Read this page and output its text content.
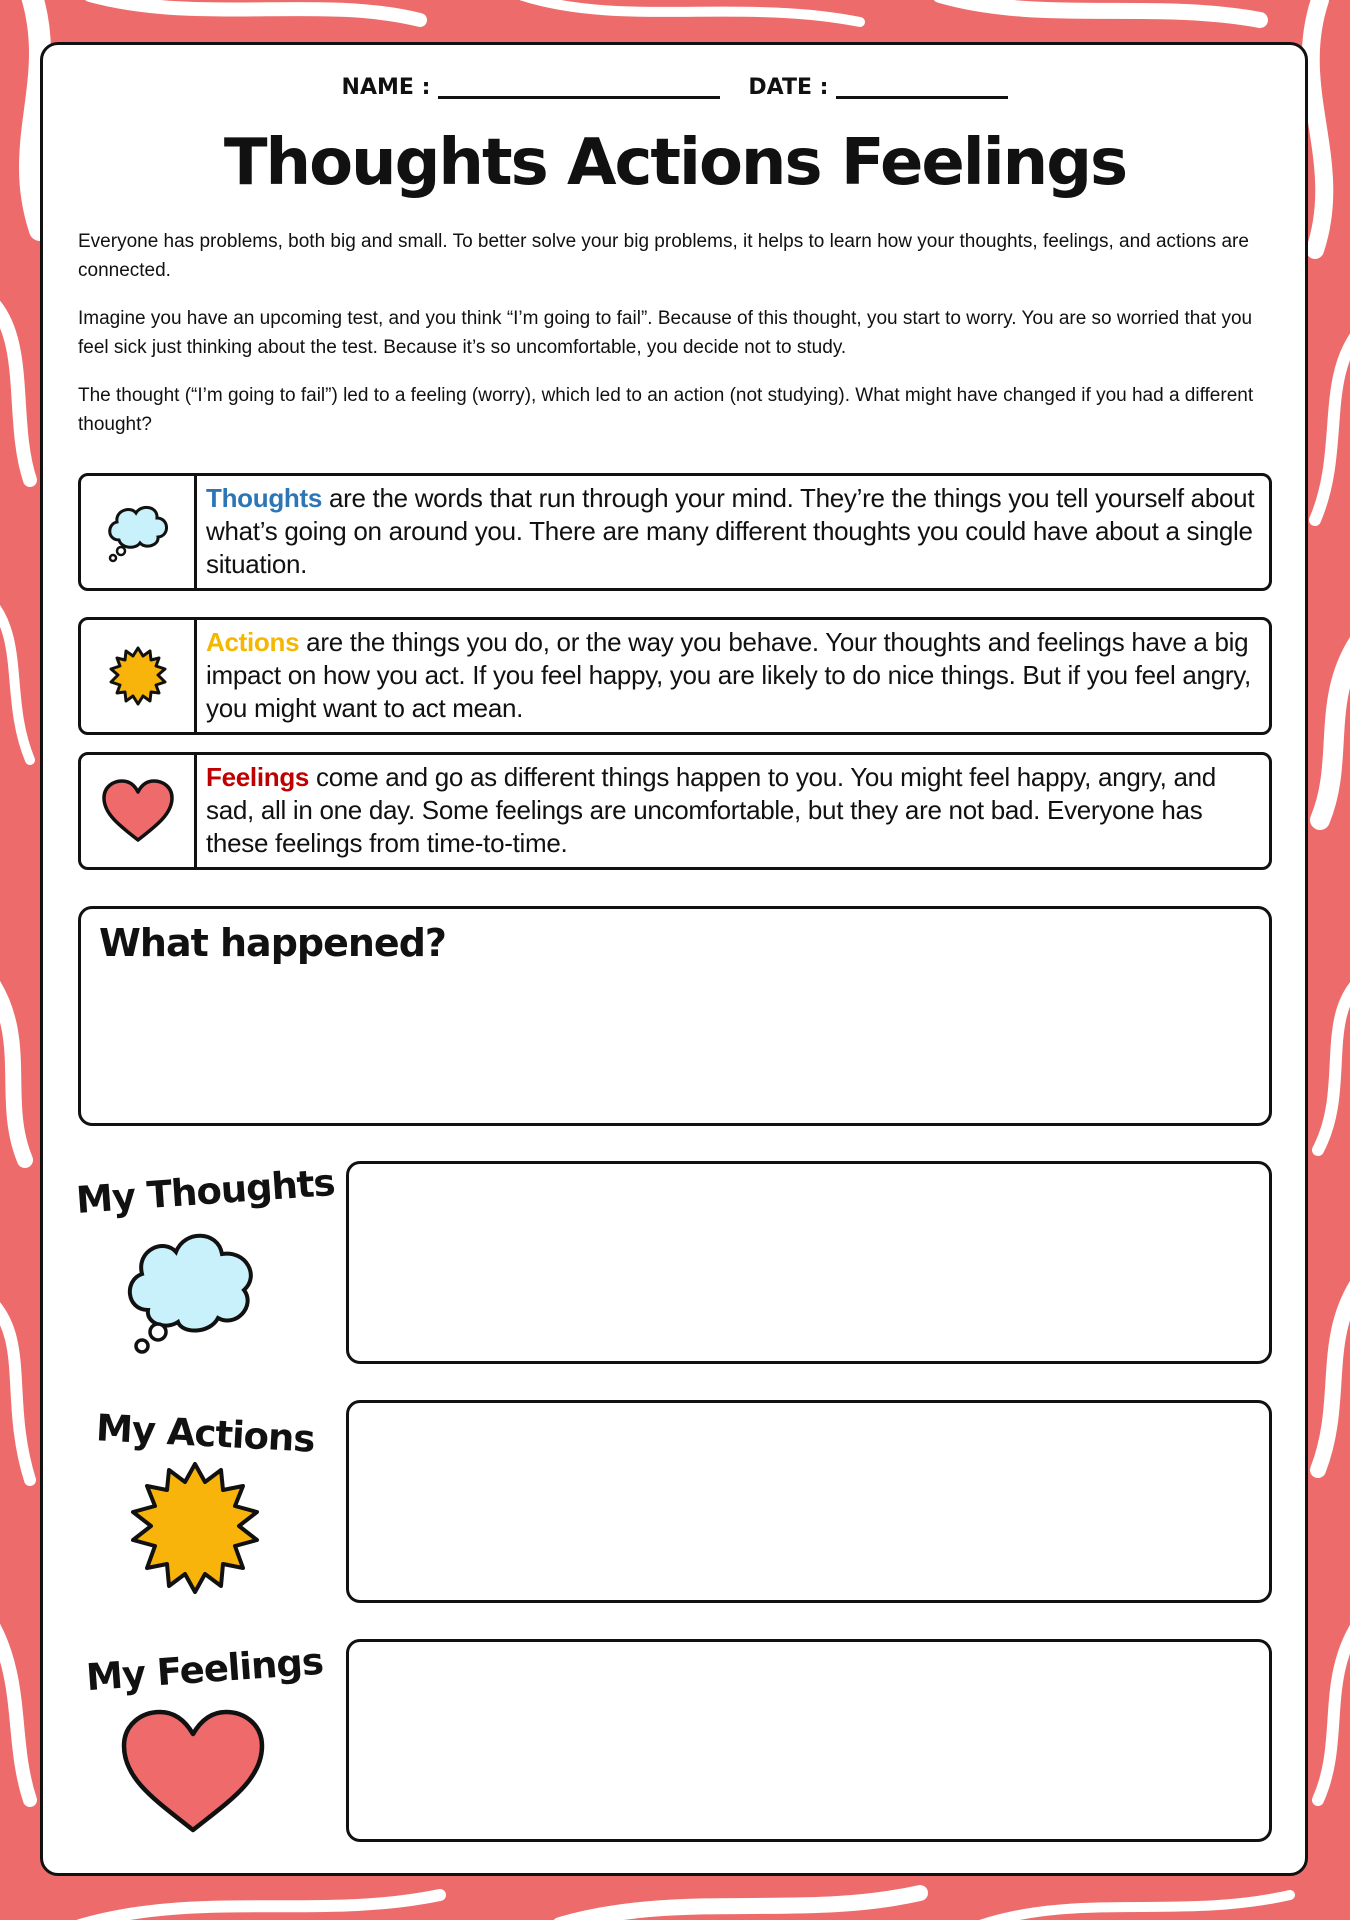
NAME :	DATE :
Thoughts Actions Feelings

Everyone has problems, both big and small. To better solve your big problems, it helps to learn how your thoughts, feelings, and actions are connected.

Imagine you have an upcoming test, and you think “I’m going to fail”. Because of this thought, you start to worry. You are so worried that you feel sick just thinking about the test. Because it’s so uncomfortable, you decide not to study.

The thought (“I’m going to fail”) led to a feeling (worry), which led to an action (not studying). What might have changed if you had a different thought?

Thoughts are the words that run through your mind. They’re the things you tell yourself about what’s going on around you. There are many different thoughts you could have about a single situation.
Actions are the things you do, or the way you behave. Your thoughts and feelings have a big impact on how you act. If you feel happy, you are likely to do nice things. But if you feel angry, you might want to act mean.
Feelings come and go as different things happen to you. You might feel happy, angry, and sad, all in one day. Some feelings are uncomfortable, but they are not bad. Everyone has these feelings from time-to-time.
What happened?
My Thoughts
My Actions
My Feelings
